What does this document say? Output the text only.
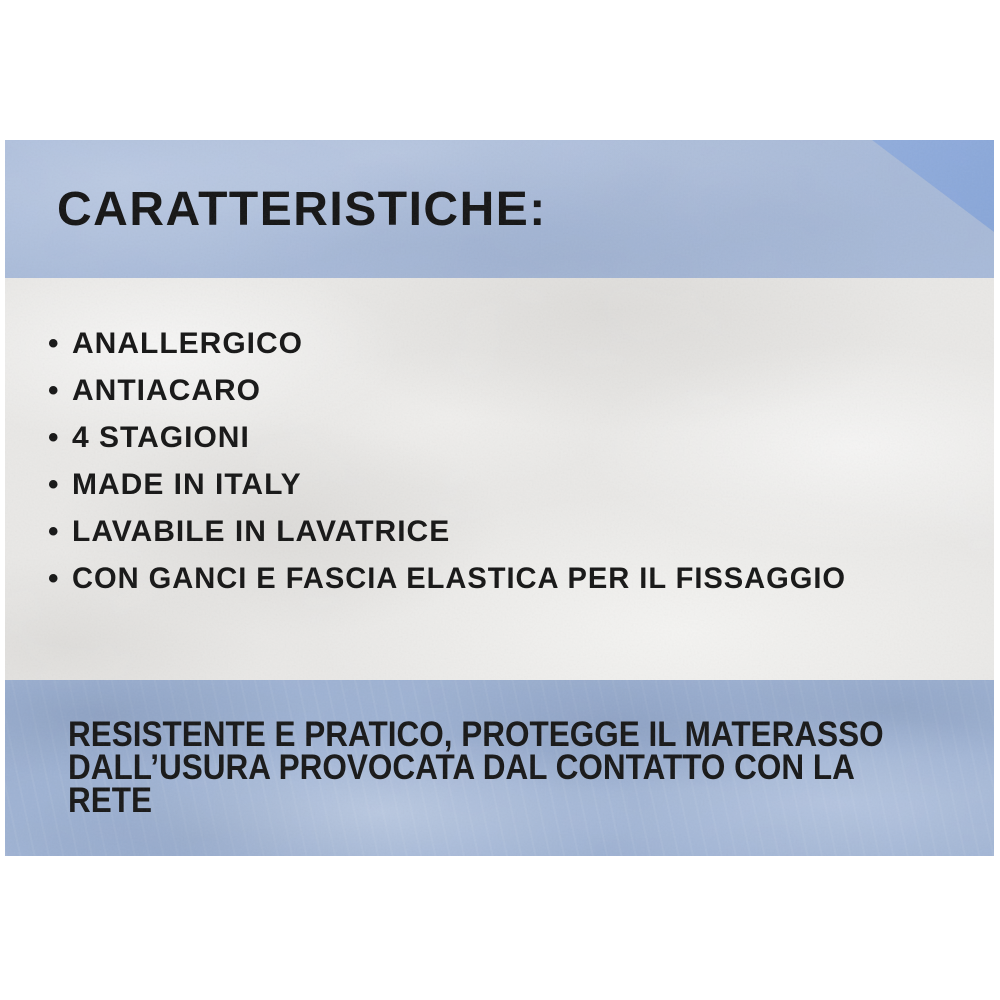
CARATTERISTICHE:
• ANALLERGICO
• ANTIACARO
• 4 STAGIONI
• MADE IN ITALY
• LAVABILE IN LAVATRICE
• CON GANCI E FASCIA ELASTICA PER IL FISSAGGIO
RESISTENTE E PRATICO, PROTEGGE IL MATERASSO
DALL’USURA PROVOCATA DAL CONTATTO CON LA
RETE
